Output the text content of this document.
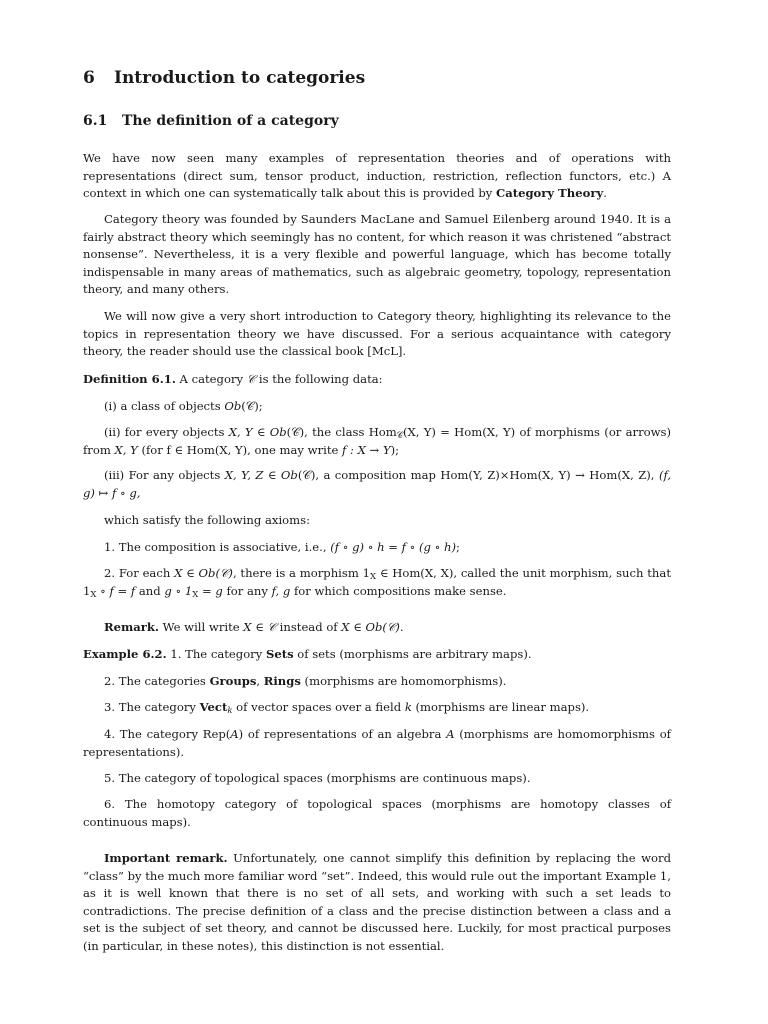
6 Introduction to categories
6.1 The definition of a category

We have now seen many examples of representation theories and of operations with representations (direct sum, tensor product, induction, restriction, reflection functors, etc.) A context in which one can systematically talk about this is provided by Category Theory.

Category theory was founded by Saunders MacLane and Samuel Eilenberg around 1940. It is a fairly abstract theory which seemingly has no content, for which reason it was christened “abstract nonsense”. Nevertheless, it is a very flexible and powerful language, which has become totally indispensable in many areas of mathematics, such as algebraic geometry, topology, representation theory, and many others.

We will now give a very short introduction to Category theory, highlighting its relevance to the topics in representation theory we have discussed. For a serious acquaintance with category theory, the reader should use the classical book [McL].

Definition 6.1. A category 𝒞 is the following data:

(i) a class of objects Ob(𝒞);

(ii) for every objects X, Y ∈ Ob(𝒞), the class Hom$_𝒞$(X, Y) = Hom(X, Y) of morphisms (or arrows) from X, Y (for f ∈ Hom(X, Y), one may write f : X → Y);

(iii) For any objects X, Y, Z ∈ Ob(𝒞), a composition map Hom(Y, Z)×Hom(X, Y) → Hom(X, Z), (f, g) ↦ f ∘ g,

which satisfy the following axioms:

1. The composition is associative, i.e., (f ∘ g) ∘ h = f ∘ (g ∘ h);

2. For each X ∈ Ob(𝒞), there is a morphism $1_X$ ∈ Hom(X, X), called the unit morphism, such that $1_X$ ∘ f = f and g ∘ $1_X = g$ for any f, g for which compositions make sense.

Remark. We will write X ∈ 𝒞 instead of X ∈ Ob(𝒞).

Example 6.2. 1. The category Sets of sets (morphisms are arbitrary maps).

2. The categories Groups, Rings (morphisms are homomorphisms).

3. The category Vect$_k$ of vector spaces over a field k (morphisms are linear maps).

4. The category Rep(A) of representations of an algebra A (morphisms are homomorphisms of representations).

5. The category of topological spaces (morphisms are continuous maps).

6. The homotopy category of topological spaces (morphisms are homotopy classes of continuous maps).

Important remark. Unfortunately, one cannot simplify this definition by replacing the word “class” by the much more familiar word “set”. Indeed, this would rule out the important Example 1, as it is well known that there is no set of all sets, and working with such a set leads to contradictions. The precise definition of a class and the precise distinction between a class and a set is the subject of set theory, and cannot be discussed here. Luckily, for most practical purposes (in particular, in these notes), this distinction is not essential.
